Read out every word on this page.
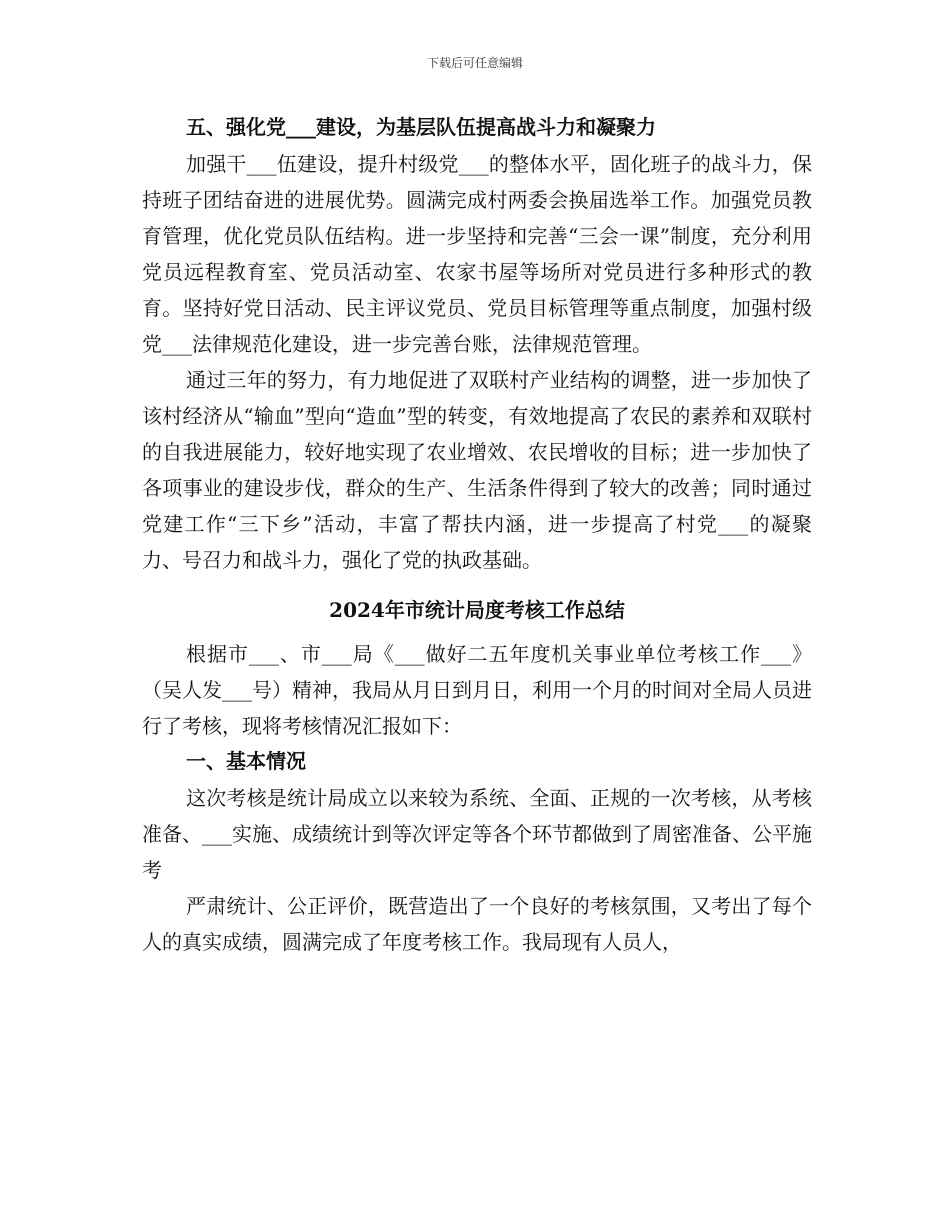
下载后可任意编辑
五、强化党___建设，为基层队伍提高战斗力和凝聚力

加强干___伍建设，提升村级党___的整体水平，固化班子的战斗力，保持班子团结奋进的进展优势。圆满完成村两委会换届选举工作。加强党员教育管理，优化党员队伍结构。进一步坚持和完善“三会一课”制度，充分利用党员远程教育室、党员活动室、农家书屋等场所对党员进行多种形式的教育。坚持好党日活动、民主评议党员、党员目标管理等重点制度，加强村级党___法律规范化建设，进一步完善台账，法律规范管理。

通过三年的努力，有力地促进了双联村产业结构的调整，进一步加快了该村经济从“输血”型向“造血”型的转变，有效地提高了农民的素养和双联村的自我进展能力，较好地实现了农业增效、农民增收的目标；进一步加快了各项事业的建设步伐，群众的生产、生活条件得到了较大的改善；同时通过党建工作“三下乡”活动，丰富了帮扶内涵，进一步提高了村党___的凝聚力、号召力和战斗力，强化了党的执政基础。

2024年市统计局度考核工作总结

根据市___、市___局《___做好二五年度机关事业单位考核工作___》（吴人发___号）精神，我局从月日到月日，利用一个月的时间对全局人员进行了考核，现将考核情况汇报如下：

一、基本情况

这次考核是统计局成立以来较为系统、全面、正规的一次考核，从考核准备、___实施、成绩统计到等次评定等各个环节都做到了周密准备、公平施考

严肃统计、公正评价，既营造出了一个良好的考核氛围，又考出了每个人的真实成绩，圆满完成了年度考核工作。我局现有人员人，
